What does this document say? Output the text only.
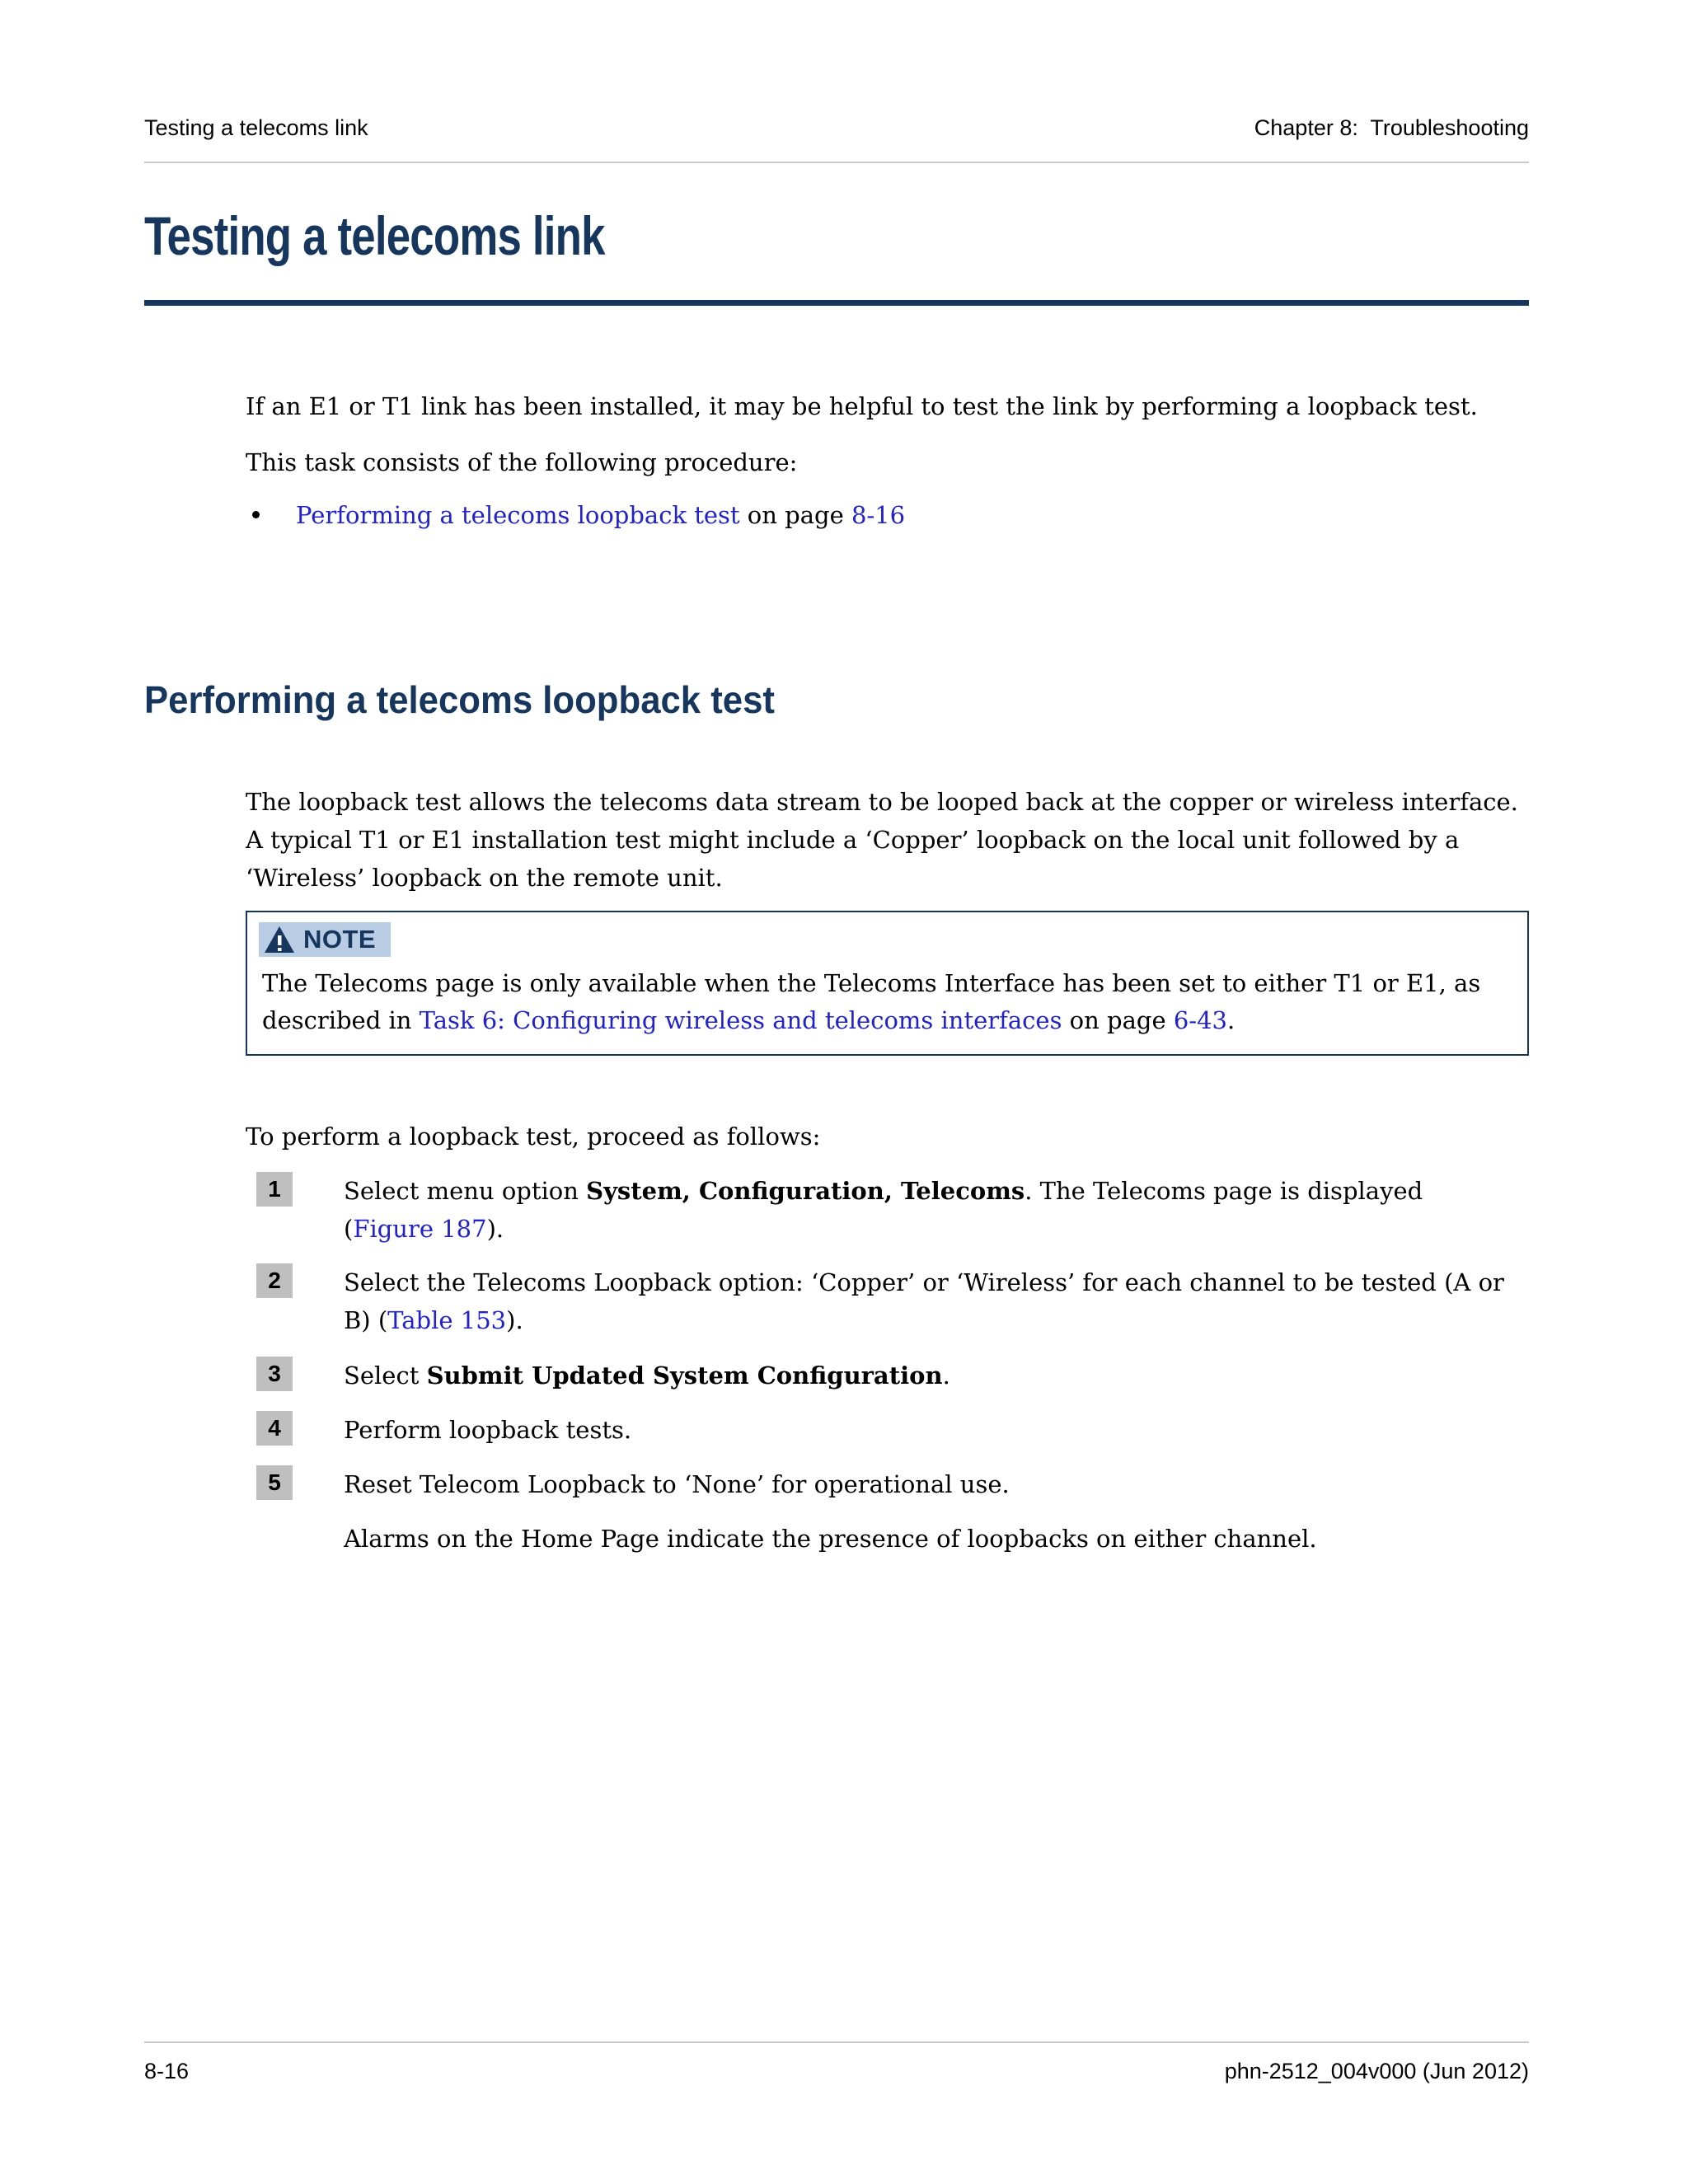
Testing a telecoms link	Chapter 8:  Troubleshooting
Testing a telecoms link

If an E1 or T1 link has been installed, it may be helpful to test the link by performing a loopback test.

This task consists of the following procedure:

Performing a telecoms loopback test on page 8-16
Performing a telecoms loopback test

The loopback test allows the telecoms data stream to be looped back at the copper or wireless interface. A typical T1 or E1 installation test might include a ‘Copper’ loopback on the local unit followed by a ‘Wireless’ loopback on the remote unit.

NOTE

The Telecoms page is only available when the Telecoms Interface has been set to either T1 or E1, as described in Task 6: Configuring wireless and telecoms interfaces on page 6-43.

To perform a loopback test, proceed as follows:

1	Select menu option System, Configuration, Telecoms. The Telecoms page is displayed (Figure 187).
2	Select the Telecoms Loopback option: ‘Copper’ or ‘Wireless’ for each channel to be tested (A or B) (Table 153).
3	Select Submit Updated System Configuration.
4	Perform loopback tests.
5	Reset Telecom Loopback to ‘None’ for operational use.

Alarms on the Home Page indicate the presence of loopbacks on either channel.

8-16	phn-2512_004v000 (Jun 2012)
